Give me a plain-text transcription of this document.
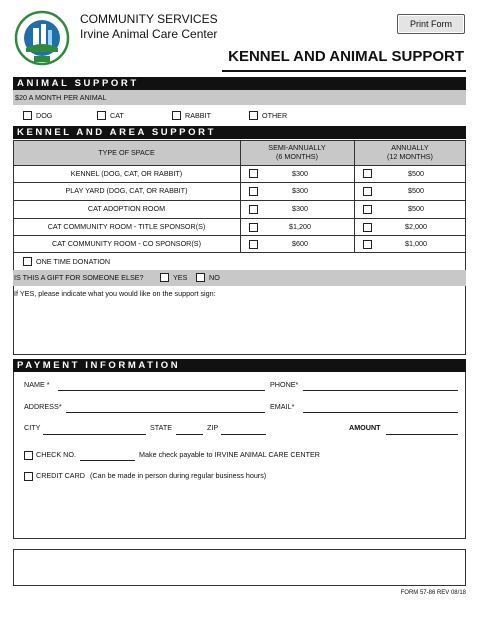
COMMUNITY SERVICES
Irvine Animal Care Center
Print Form
KENNEL AND ANIMAL SUPPORT
ANIMAL SUPPORT
$20 A MONTH PER ANIMAL
DOG	CAT	RABBIT	OTHER
KENNEL AND AREA SUPPORT
TYPE OF SPACE
SEMI-ANNUALLY
(6 MONTHS)
ANNUALLY
(12 MONTHS)
KENNEL (DOG, CAT, OR RABBIT)	$300	$500
PLAY YARD (DOG, CAT, OR RABBIT)	$300	$500
CAT ADOPTION ROOM	$300	$500
CAT COMMUNITY ROOM - TITLE SPONSOR(S)	$1,200	$2,000
CAT COMMUNITY ROOM - CO SPONSOR(S)	$600	$1,000
ONE TIME DONATION
IS THIS A GIFT FOR SOMEONE ELSE?	YES	NO
If YES, please indicate what you would like on the support sign:
PAYMENT INFORMATION
NAME *	PHONE*
ADDRESS*	EMAIL*
CITY	STATE	ZIP	AMOUNT
CHECK NO.	Make check payable to IRVINE ANIMAL CARE CENTER
CREDIT CARD (Can be made in person during regular business hours)
FORM 57-86 REV 08/18
